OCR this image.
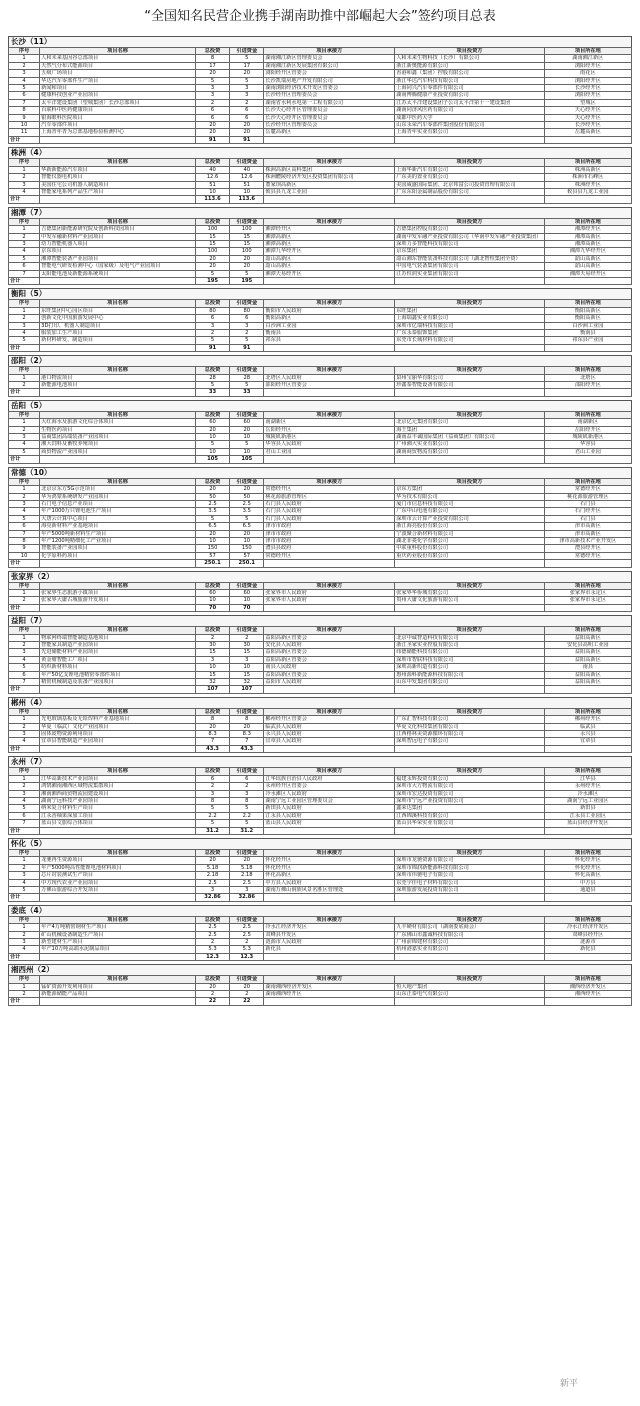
“全国知名民营企业携手湖南助推中部崛起大会”签约项目总表
长沙（11）
序号	项目名称	总投资	引进资金	项目承接方	项目投资方	项目所在地
1	人和未来基因谷总部项目	8	5	湖南湘江新区管理委员会	人和未来生物科技（长沙）有限公司	湖南湘江新区
2	天然气分布式能源项目	17	17	湖南湘江新区发展集团有限公司	浙江新奥能源有限公司	浏阳经开区
3	五级广场项目	20	20	浏阳经开区管委会	香港和鑫（集团）控股有限公司	雨花区
4	华达汽车零部件生产项目	5	5	长沙凯瑞房地产开发有限公司	浙江华达汽车科技有限公司	浏阳经开区
5	新闻和项目	3	3	湖南浏阳经济技术开发区管委会	上海同兴汽车零部件有限公司	长沙经开区
6	健康科技创业产业园项目	3	3	长沙经开区管理委员会	湖南博腾健康产业投资有限公司	浏阳经开区
7	太平洋建设集团（望城集团）长沙总部项目	2	2	湖南省水利水电第一工程有限公司	江苏太平洋建设集团子公司太平洋第十一建设集团	望城区
8	百联科中医药健康项目	6	6	长沙天心经开区管理委员会	湖南同济风医药有限公司	天心经开区
9	银海眼科医院项目	6	6	长沙天心经开区管理委员会	成都中医药大学	天心经开区
10	汽车零部件项目	20	20	长沙经开区管理委员会	山东永荣汽车零部件集团股份有限公司	长沙经开区
11	上海青年青为总部基地检验检测中心	20	20	岳麓高新区	上海青年实业有限公司	岳麓高新区
合计		91	91			
株洲（4）
序号	项目名称	总投资	引进资金	项目承接方	项目投资方	项目所在地
1	华新新能源汽车项目	40	40	株洲高新区高科集团	上海华新汽车有限公司	株洲高新区
2	智能仪器电机项目	12.6	12.6	株洲醴陵经济开发区投资集团有限公司	广东美的置业有限公司	株洲市石峰区
3	美国住宅公司机器人制造项目	51	51	董家坝高新区	美国威盛国际集团、北京邦富公司投资管理有限公司	株洲经开区
4	智能家电系列产品生产项目	10	10	攸县县九龙工业园	广东东阳金属制品股份有限公司	攸县县九龙工业园
合计		113.6	113.6			
湘潭（7）
序号	项目名称	总投资	引进资金	项目承接方	项目投资方	项目所在地
1	吉德集团新能源研究院及创新科技园项目	100	100	湘潭经开区	吉德集团控股有限公司	湘潭经开区
2	中发军融新材料产业园项目	15	15	湘潭高新区	湖南中发军融产业投资有限公司（华南中发军融产业投资集团）	湘潭高新区
3	幼力智能机器人项目	15	15	湘潭高新区	深圳力多智能科技有限公司	湘潭高新区
4	京东项目	100	100	湘潭九华经开区	京东集团	湘潭九华经开区
5	湘潭智能装备产业园项目	20	20	韶山高新区	韶山湘东智能装备科技有限公司（湖北智恒集团全资）	韶山高新区
6	智能电气研发检测中心（国家级）及电气产业园项目	20	20	韶山高新区	中国电气装备集团有限公司	韶山高新区
7	太阳能电池及新能源系统项目	5	5	湘潭天易经开区	江苏恒润实业集团有限公司	湘潭天易经开区
合计		195	195			
衡阳（5）
序号	项目名称	总投资	引进资金	项目承接方	项目投资方	项目所在地
1	东旺集团中心园区项目	80	80	衡阳市人民政府	东旺集团	衡阳高新区
2	创新文化中国旅游发展中心	6	6	衡阳高新区	上海瑞鑫实业有限公司	衡阳高新区
3	3D打印、机器人制造项目	3	3	白沙洲工业园	深圳市亿瑞科技有限公司	白沙洲工业园
4	服装加工生产项目	2	2	衡南县	广东永泰服饰集团	衡南县
5	新材料研发、制造项目	5	5	祁东县	东莞市长城材料有限公司	祁东县产业园
合计		91	91			
邵阳（2）
序号	项目名称	总投资	引进资金	项目承接方	项目投资方	项目所在地
1	港口物流项目	28	28	北塔区人民政府	泉州宝丽华有限公司	北塔区
2	新能源电池项目	5	5	邵阳经开区管委会	珍鑫泰智能设备有限公司	邵阳经开区
合计		33	33			
岳阳（5）
序号	项目名称	总投资	引进资金	项目承接方	项目投资方	项目所在地
1	大红海水及旅游文化综合体项目	60	60	南湖新区	北京亿元集团有限公司	南湖新区
2	生物医药项目	20	20	岳阳经开区	海王集团	岳阳经开区
3	益商集团高端装备产业园项目	10	10	城陵矶新港区	湖南益丰诚国际集团（益商集团）有限公司	城陵矶新港区
4	湘大饲料及畜牧养殖项目	5	5	华容县人民政府	广州湘大实业有限公司	华容县
5	商贸物流产业园项目	10	10	君山工业园	湖南商贸物流有限公司	君山工业园
合计		105	105			
常德（10）
序号	项目名称	总投资	引进资金	项目承接方	项目投资方	项目所在地
1	北京京东方5G示范项目	20	20	常德经开区	京东方集团	常德经开区
2	华为鸿蒙系统研发产业园项目	50	50	桃花源旅游管理区	华为技术有限公司	桃花源旅游管理区
3	石门电子信息产业项目	2.5	2.5	石门县人民政府	厦门市信息科技有限公司	石门县
4	年产1000万只锂电池生产项目	3.5	3.5	石门县人民政府	广东中山电池有限公司	石门经开区
5	大唐云计算中心项目	5	5	石门县人民政府	深圳市云计算产业投资有限公司	石门县
6	海亮新材料产业基地项目	6.5	6.5	津市市政府	浙江海亮股份有限公司	津市高新区
7	年产5000吨新材料生产项目	20	20	津市市政府	宁波聚合新材料有限公司	津市高新区
8	年产1200吨精细化工产业项目	10	10	津市市政府	湖北菲菱化学有限公司	津市高新技术产业开发区
9	智能装备产业园项目	150	150	澧县县政府	中联重科股份有限公司	澧县经开区
10	化学原料药项目	57	57	常德经开区	重庆药业股份有限公司	常德经开区
合计		250.1	250.1			
张家界（2）
序号	项目名称	总投资	引进资金	项目承接方	项目投资方	项目所在地
1	张家界生态旅游小镇项目	60	60	张家界市人民政府	张家界华侨城有限公司	张家界市永定区
2	张家界大庸古城旅游开发项目	10	10	张家界市人民政府	贵州大庸文化旅游有限公司	张家界市永定区
合计		70	70			
益阳（7）
序号	项目名称	总投资	引进资金	项目承接方	项目投资方	项目所在地
1	物联网终端智能制造基地项目	2	2	益阳高新区管委会	北京中诚智造科技有限公司	益阳高新区
2	智能家具制造产业园项目	30	30	安化县人民政府	浙江圣家实业控股有限公司	安化县高明工业园
3	先进储能材料产业园项目	15	15	益阳高新区管委会	纬德储能科技有限公司	益阳高新区
4	黄金塘智能工厂项目	3	3	益阳高新区管委会	深圳市智联科技有限公司	益阳高新区
5	纺织新材料项目	10	10	南县人民政府	深圳高新织造有限公司	南县
6	年产50亿支锂电池精密零部件项目	15	15	益阳高新区管委会	惠州源科新能源科技有限公司	益阳高新区
7	精密机械制造及装备产业园项目	32	32	益阳市人民政府	山东中发集团有限公司	益阳高新区
合计		107	107			
郴州（4）
序号	项目名称	总投资	引进资金	项目承接方	项目投资方	项目所在地
1	光电玻璃基板及无铅焊料产业基地项目	8	8	郴州经开区管委会	广东汇智科技有限公司	郴州经开区
2	华夏（临武）文化产业园项目	20	20	临武县人民政府	华夏文化科技集团有限公司	临武县
3	固体废物资源利用项目	8.3	8.3	永兴县人民政府	江西格林美资源循环有限公司	永兴县
4	宜章县智能制造产业园项目	7	7	宜章县人民政府	深圳智远电子有限公司	宜章县
合计		43.3	43.3			
永州（7）
序号	项目名称	总投资	引进资金	项目承接方	项目投资方	项目所在地
1	江华高新技术产业园项目	6	6	江华瑶族自治县人民政府	福建永辉投资有限公司	江华县
2	鸿鹄湘南湘西区域物流集散项目	2	2	永州经开区管委会	深圳市大方物流有限公司	永州经开区
3	湘南湘西商贸物流园建设项目	3	3	冷水滩区人民政府	深圳市宏达投资有限公司	冷水滩区
4	湖南宁远科技产业园项目	8	8	湖南宁远工业园区管理委员会	深圳市宁远产业投资有限公司	湖南宁远工业园区
5	纳米复合材料生产项目	5	5	新田县人民政府	鑫荣达集团	新田县
6	江永香柚果深加工项目	2.2	2.2	江永县人民政府	江西锦溪科技有限公司	江永县工业园区
7	蓝山县文旅综合体项目	5	5	蓝山县人民政府	蓝山县华荣实业有限公司	蓝山县经济开发区
合计		31.2	31.2			
怀化（5）
序号	项目名称	总投资	引进资金	项目承接方	项目投资方	项目所在地
1	龙驰再生资源项目	20	20	怀化经开区	深圳市龙驰资源有限公司	怀化经开区
2	年产5000吨高性能锂电池材料项目	5.18	5.18	怀化经开区	深圳市锦润新能源科技有限公司	怀化经开区
3	芯片封装测试生产项目	2.18	2.18	怀化高新区	深圳市伟驰电子有限公司	怀化高新区
4	中方现代农业产业园项目	2.5	2.5	中方县人民政府	东莞宇佳电子材料有限公司	中方县
5	万佛山旅游综合开发项目	3	3	湖南万佛山侗族风景名胜区管理处	深圳旅游发展投资有限公司	通道县
合计		32.86	32.86			
娄底（4）
序号	项目名称	总投资	引进资金	项目承接方	项目投资方	项目所在地
1	年产4万吨精密钢材生产项目	2.5	2.5	冷水江经济开发区	九丰硬材有限公司（湖南娄底商会）	冷水江经济开发区
2	矿山机械设备制造生产项目	2.5	2.5	双峰县开发区	广东佛山市鑫诚科技有限公司	双峰县经开区
3	新型建材生产项目	2	2	涟源市人民政府	广州前锦建材有限公司	涟源市
4	年产10万吨高端水泥制品项目	5.3	5.3	新化县	杭州港嘉实业有限公司	新化县
合计		12.3	12.3			
湘西州（2）
序号	项目名称	总投资	引进资金	项目承接方	项目投资方	项目所在地
1	锰矿资源开发利用项目	20	20	湖南湘西经济开发区	恒大地产集团	湘西经济开发区
2	新能源储能产品项目	2	2	湖南湘西经开区	山东正泰电气有限公司	湘西经开区
合计		22	22			
新平
